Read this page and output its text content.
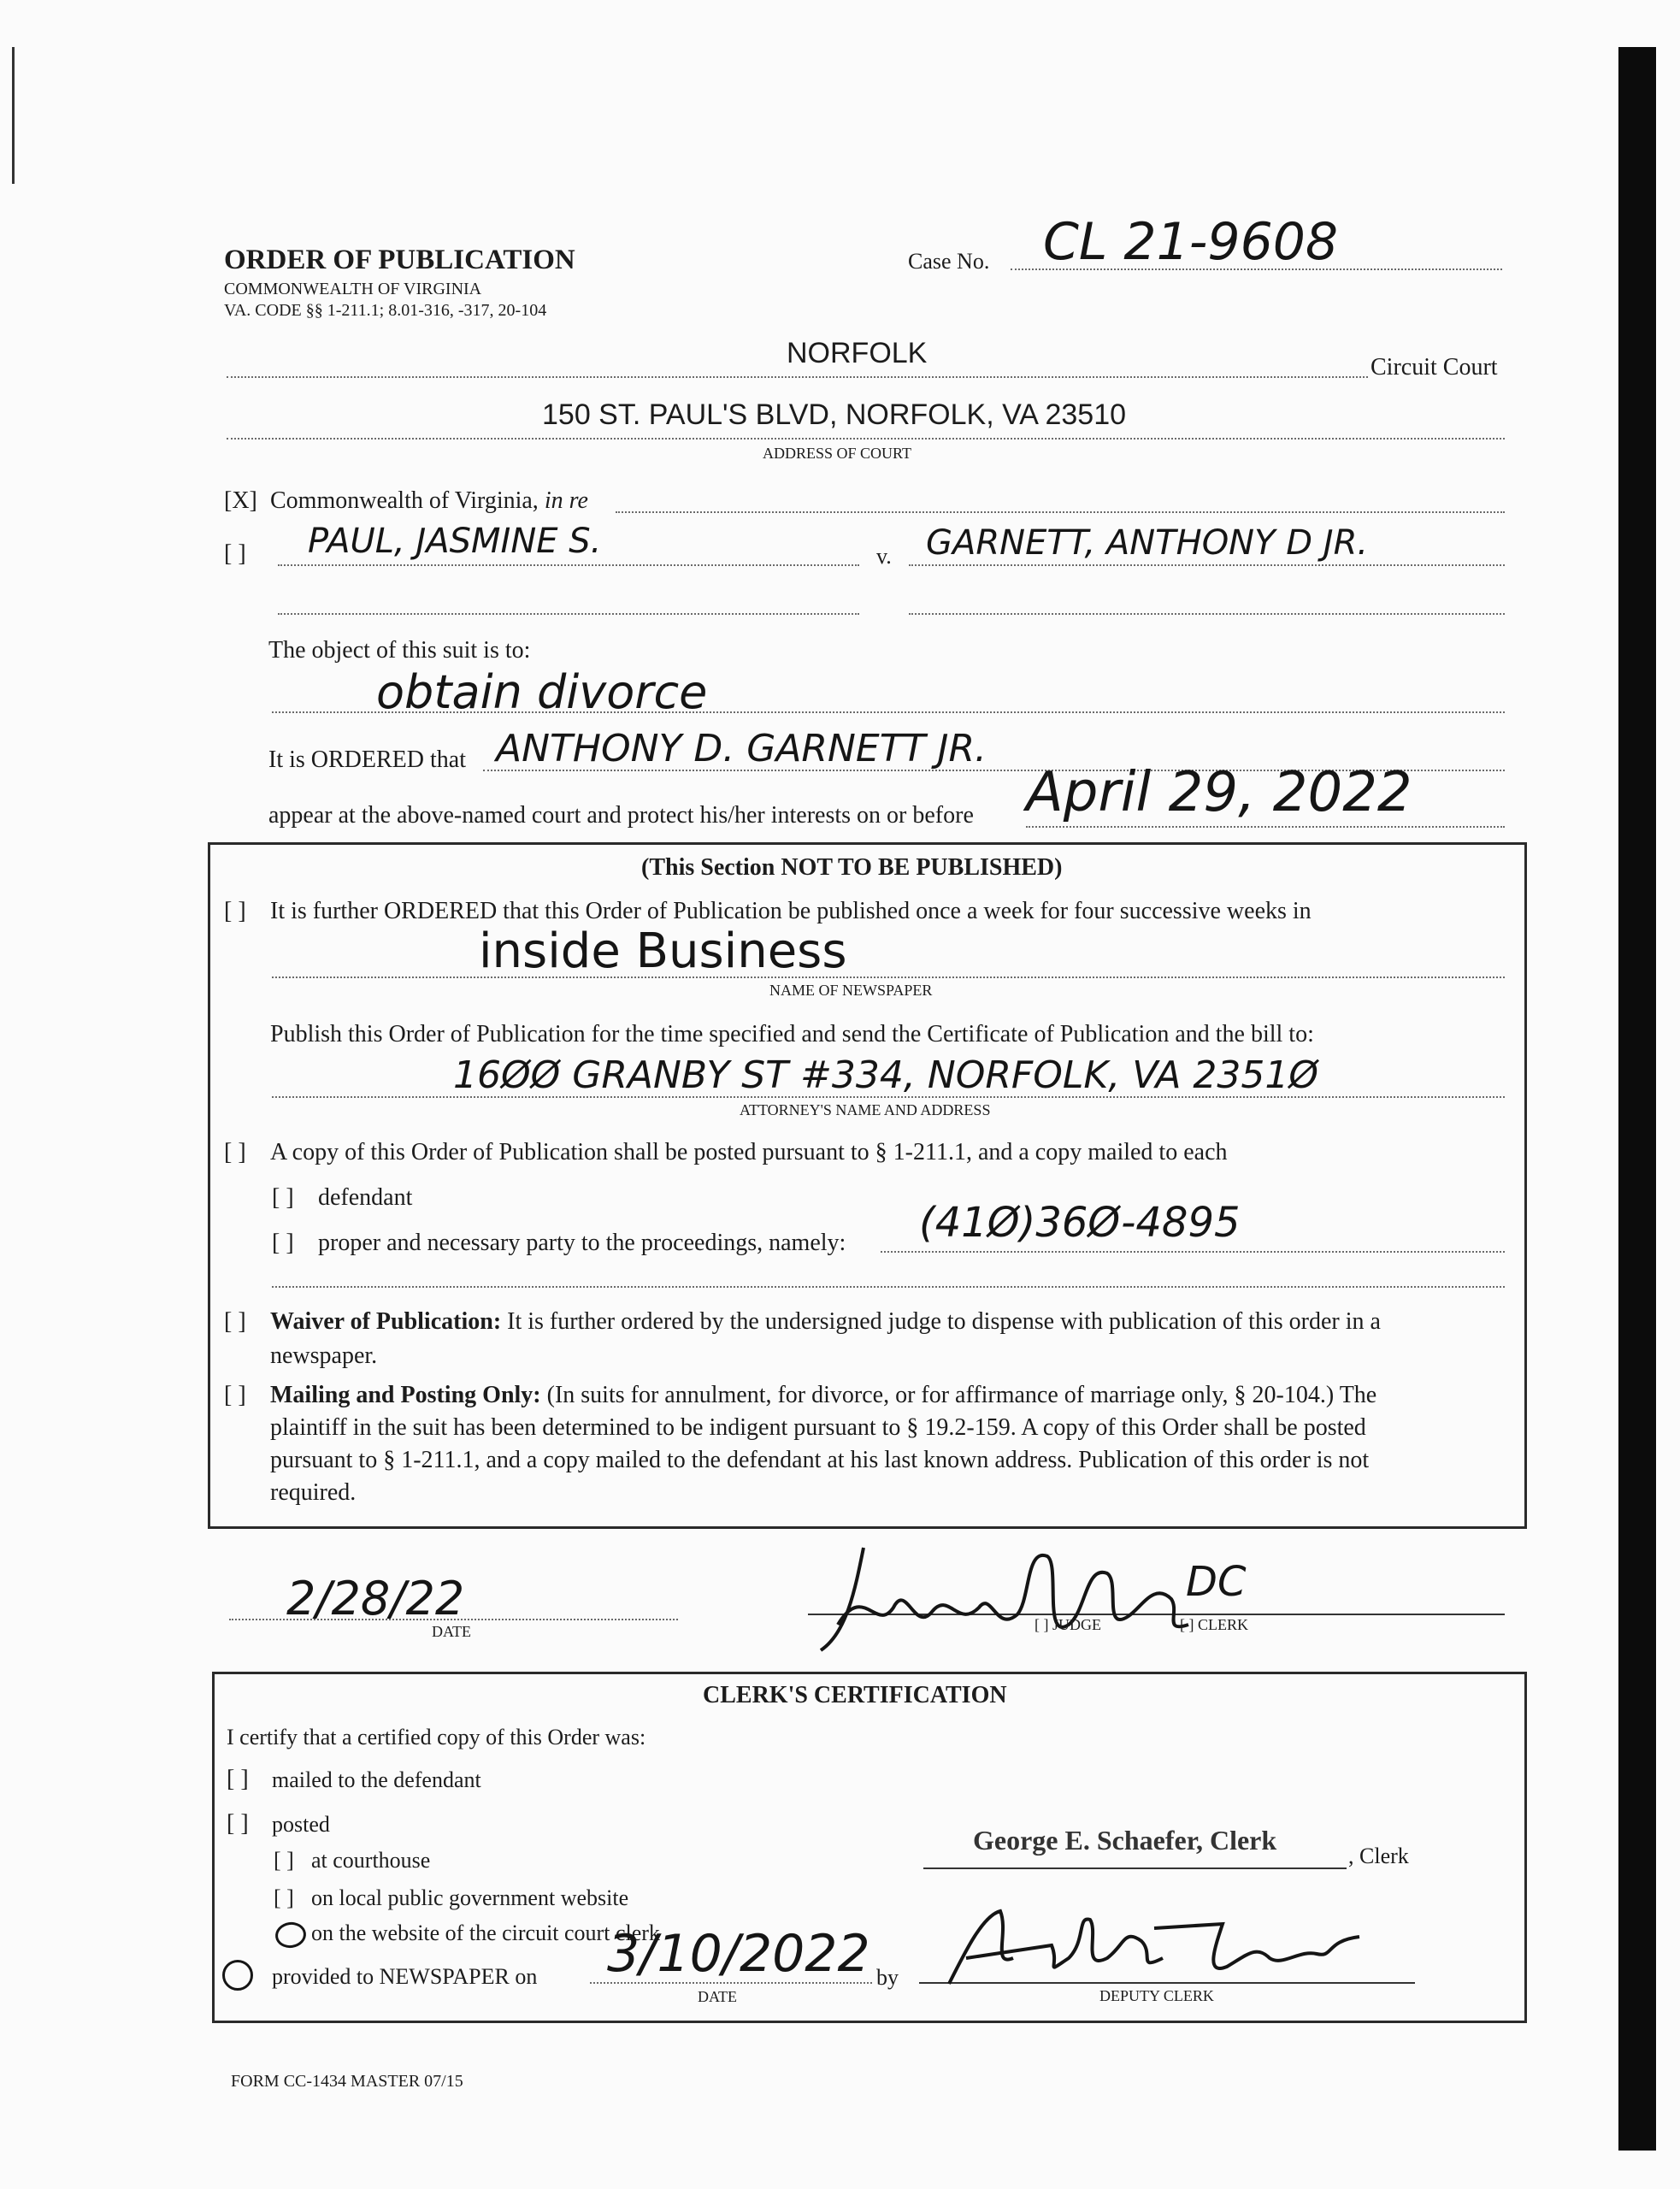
ORDER OF PUBLICATION
COMMONWEALTH OF VIRGINIA
VA. CODE §§ 1-211.1; 8.01-316, -317, 20-104
Case No. CL 21-9608
NORFOLK	Circuit Court
150 ST. PAUL'S BLVD, NORFOLK, VA 23510
ADDRESS OF COURT
[X] Commonwealth of Virginia, in re
[ ] PAUL, JASMINE S.	v. GARNETT, ANTHONY D JR.
The object of this suit is to:
obtain divorce
It is ORDERED that ANTHONY D. GARNETT JR.
appear at the above-named court and protect his/her interests on or before April 29, 2022
(This Section NOT TO BE PUBLISHED)
[ ] It is further ORDERED that this Order of Publication be published once a week for four successive weeks in
inside Business
NAME OF NEWSPAPER
Publish this Order of Publication for the time specified and send the Certificate of Publication and the bill to:
16ØØ GRANBY ST #334, NORFOLK, VA 2351Ø
ATTORNEY'S NAME AND ADDRESS
[ ] A copy of this Order of Publication shall be posted pursuant to § 1-211.1, and a copy mailed to each
[ ] defendant
[ ] proper and necessary party to the proceedings, namely: (41Ø)36Ø-4895
[ ] Waiver of Publication: It is further ordered by the undersigned judge to dispense with publication of this order in a
newspaper.
[ ] Mailing and Posting Only: (In suits for annulment, for divorce, or for affirmance of marriage only, § 20-104.) The
plaintiff in the suit has been determined to be indigent pursuant to § 19.2-159. A copy of this Order shall be posted
pursuant to § 1-211.1, and a copy mailed to the defendant at his last known address. Publication of this order is not
required.
2/28/22
DATE
DC
[ ] JUDGE	[ ] CLERK
CLERK'S CERTIFICATION
I certify that a certified copy of this Order was:
[ ] mailed to the defendant
[ ] posted
[ ] at courthouse
[ ] on local public government website
on the website of the circuit court clerk
provided to NEWSPAPER on 3/10/2022
DATE
by
George E. Schaefer, Clerk
, Clerk
DEPUTY CLERK
FORM CC-1434 MASTER 07/15
